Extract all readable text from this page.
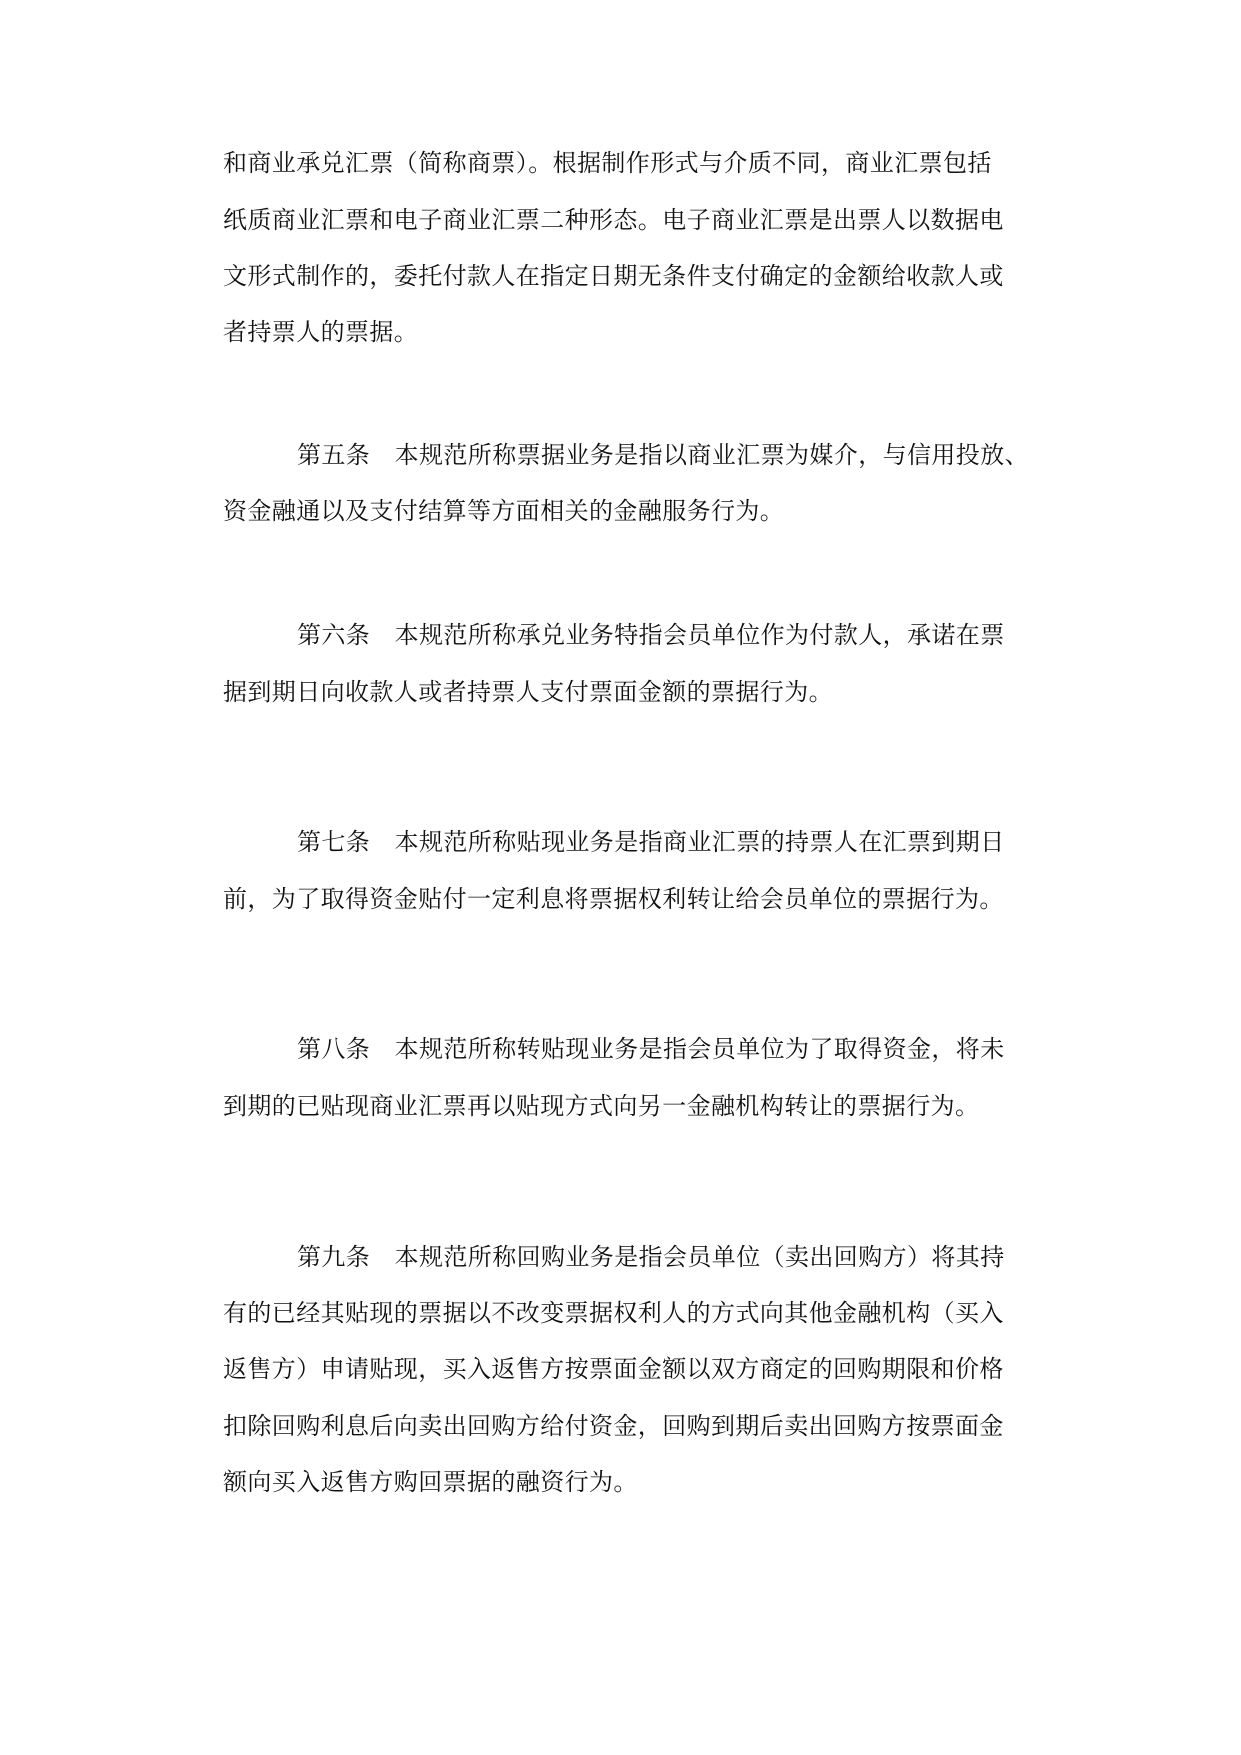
和商业承兑汇票（简称商票）。根据制作形式与介质不同，商业汇票包括
纸质商业汇票和电子商业汇票二种形态。电子商业汇票是出票人以数据电
文形式制作的，委托付款人在指定日期无条件支付确定的金额给收款人或
者持票人的票据。
第五条　本规范所称票据业务是指以商业汇票为媒介，与信用投放、
资金融通以及支付结算等方面相关的金融服务行为。
第六条　本规范所称承兑业务特指会员单位作为付款人，承诺在票
据到期日向收款人或者持票人支付票面金额的票据行为。
第七条　本规范所称贴现业务是指商业汇票的持票人在汇票到期日
前，为了取得资金贴付一定利息将票据权利转让给会员单位的票据行为。
第八条　本规范所称转贴现业务是指会员单位为了取得资金，将未
到期的已贴现商业汇票再以贴现方式向另一金融机构转让的票据行为。
第九条　本规范所称回购业务是指会员单位（卖出回购方）将其持
有的已经其贴现的票据以不改变票据权利人的方式向其他金融机构（买入
返售方）申请贴现，买入返售方按票面金额以双方商定的回购期限和价格
扣除回购利息后向卖出回购方给付资金，回购到期后卖出回购方按票面金
额向买入返售方购回票据的融资行为。
